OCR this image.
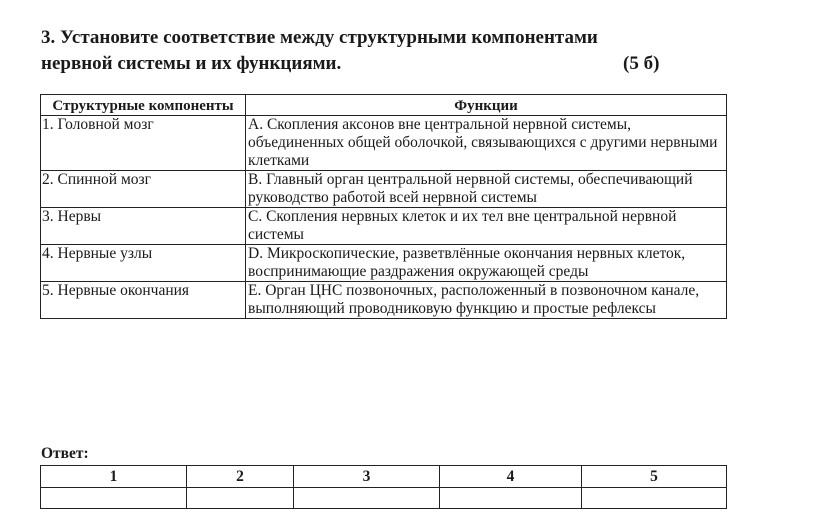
3. Установите соответствие между структурными компонентами
нервной системы и их функциями.	(5 б)
Структурные компоненты	Функции
1. Головной мозг	А. Скопления аксонов вне центральной нервной системы, объединенных общей оболочкой, связывающихся с другими нервными клетками
2. Спинной мозг	В. Главный орган центральной нервной системы, обеспечивающий руководство работой всей нервной системы
3. Нервы	С. Скопления нервных клеток и их тел вне центральной нервной системы
4. Нервные узлы	D. Микроскопические, разветвлённые окончания нервных клеток, воспринимающие раздражения окружающей среды
5. Нервные окончания	Е. Орган ЦНС позвоночных, расположенный в позвоночном канале, выполняющий проводниковую функцию и простые рефлексы
Ответ:
1	2	3	4	5
